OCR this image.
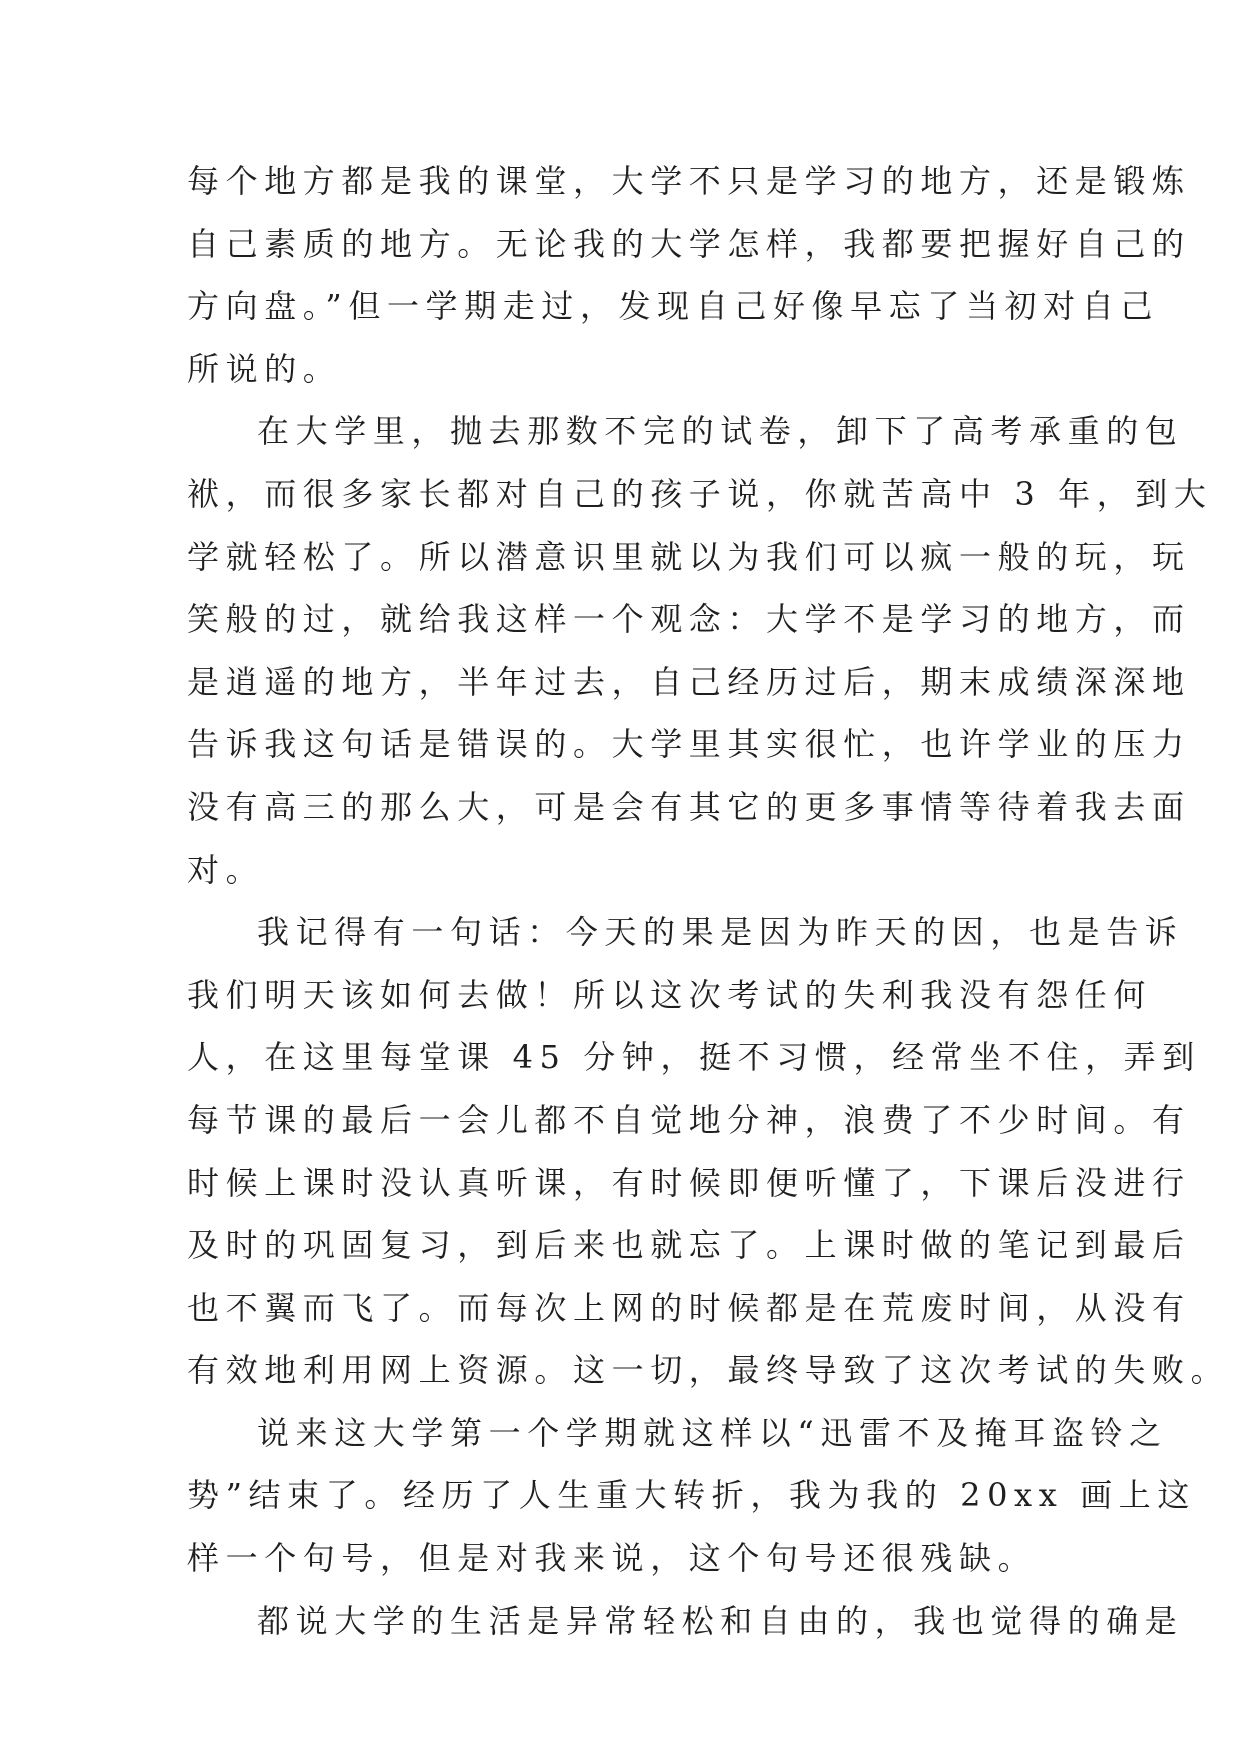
每个地方都是我的课堂，大学不只是学习的地方，还是锻炼
自己素质的地方。无论我的大学怎样，我都要把握好自己的
方向盘。”但一学期走过，发现自己好像早忘了当初对自己
所说的。
在大学里，抛去那数不完的试卷，卸下了高考承重的包
袱，而很多家长都对自己的孩子说，你就苦高中 3 年，到大
学就轻松了。所以潜意识里就以为我们可以疯一般的玩，玩
笑般的过，就给我这样一个观念：大学不是学习的地方，而
是逍遥的地方，半年过去，自己经历过后，期末成绩深深地
告诉我这句话是错误的。大学里其实很忙，也许学业的压力
没有高三的那么大，可是会有其它的更多事情等待着我去面
对。
我记得有一句话：今天的果是因为昨天的因，也是告诉
我们明天该如何去做！所以这次考试的失利我没有怨任何
人，在这里每堂课 45 分钟，挺不习惯，经常坐不住，弄到
每节课的最后一会儿都不自觉地分神，浪费了不少时间。有
时候上课时没认真听课，有时候即便听懂了，下课后没进行
及时的巩固复习，到后来也就忘了。上课时做的笔记到最后
也不翼而飞了。而每次上网的时候都是在荒废时间，从没有
有效地利用网上资源。这一切，最终导致了这次考试的失败。
说来这大学第一个学期就这样以“迅雷不及掩耳盗铃之
势”结束了。经历了人生重大转折，我为我的 20xx 画上这
样一个句号，但是对我来说，这个句号还很残缺。
都说大学的生活是异常轻松和自由的，我也觉得的确是
